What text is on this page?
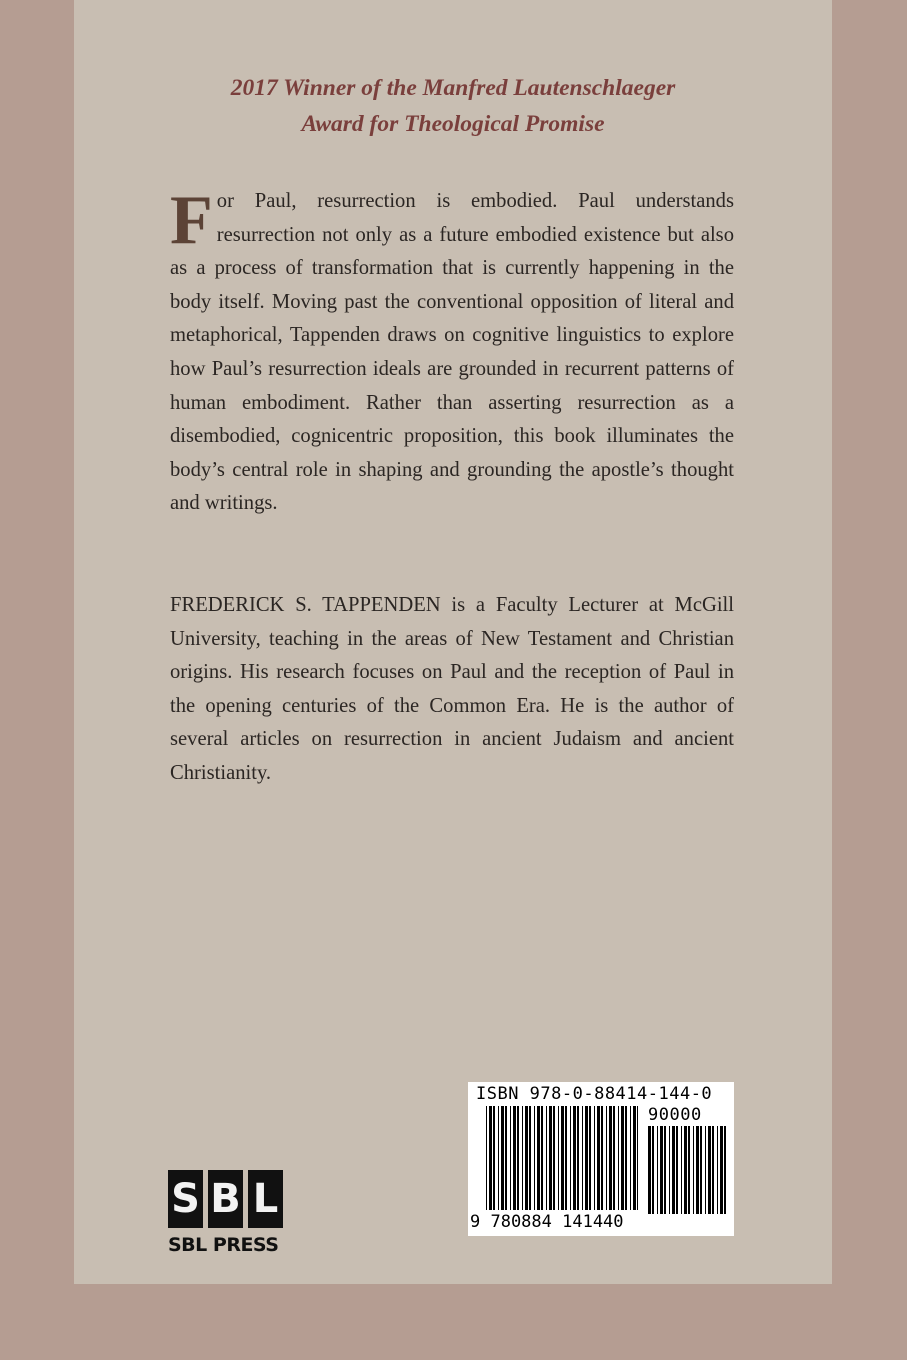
2017 Winner of the Manfred Lautenschlaeger
Award for Theological Promise

For Paul, resurrection is embodied. Paul understands resurrection not only as a future embodied existence but also as a process of transformation that is currently happening in the body itself. Moving past the conventional opposition of literal and metaphorical, Tappenden draws on cognitive linguistics to explore how Paul’s resurrection ideals are grounded in recurrent patterns of human embodiment. Rather than asserting resurrection as a disembodied, cognicentric proposition, this book illuminates the body’s central role in shaping and grounding the apostle’s thought and writings.

FREDERICK S. TAPPENDEN is a Faculty Lecturer at McGill University, teaching in the areas of New Testament and Christian origins. His research focuses on Paul and the reception of Paul in the opening centuries of the Common Era. He is the author of several articles on resurrection in ancient Judaism and ancient Christianity.

S B L
SBL PRESS
ISBN 978-0-88414-144-0
90000
9 780884 141440
